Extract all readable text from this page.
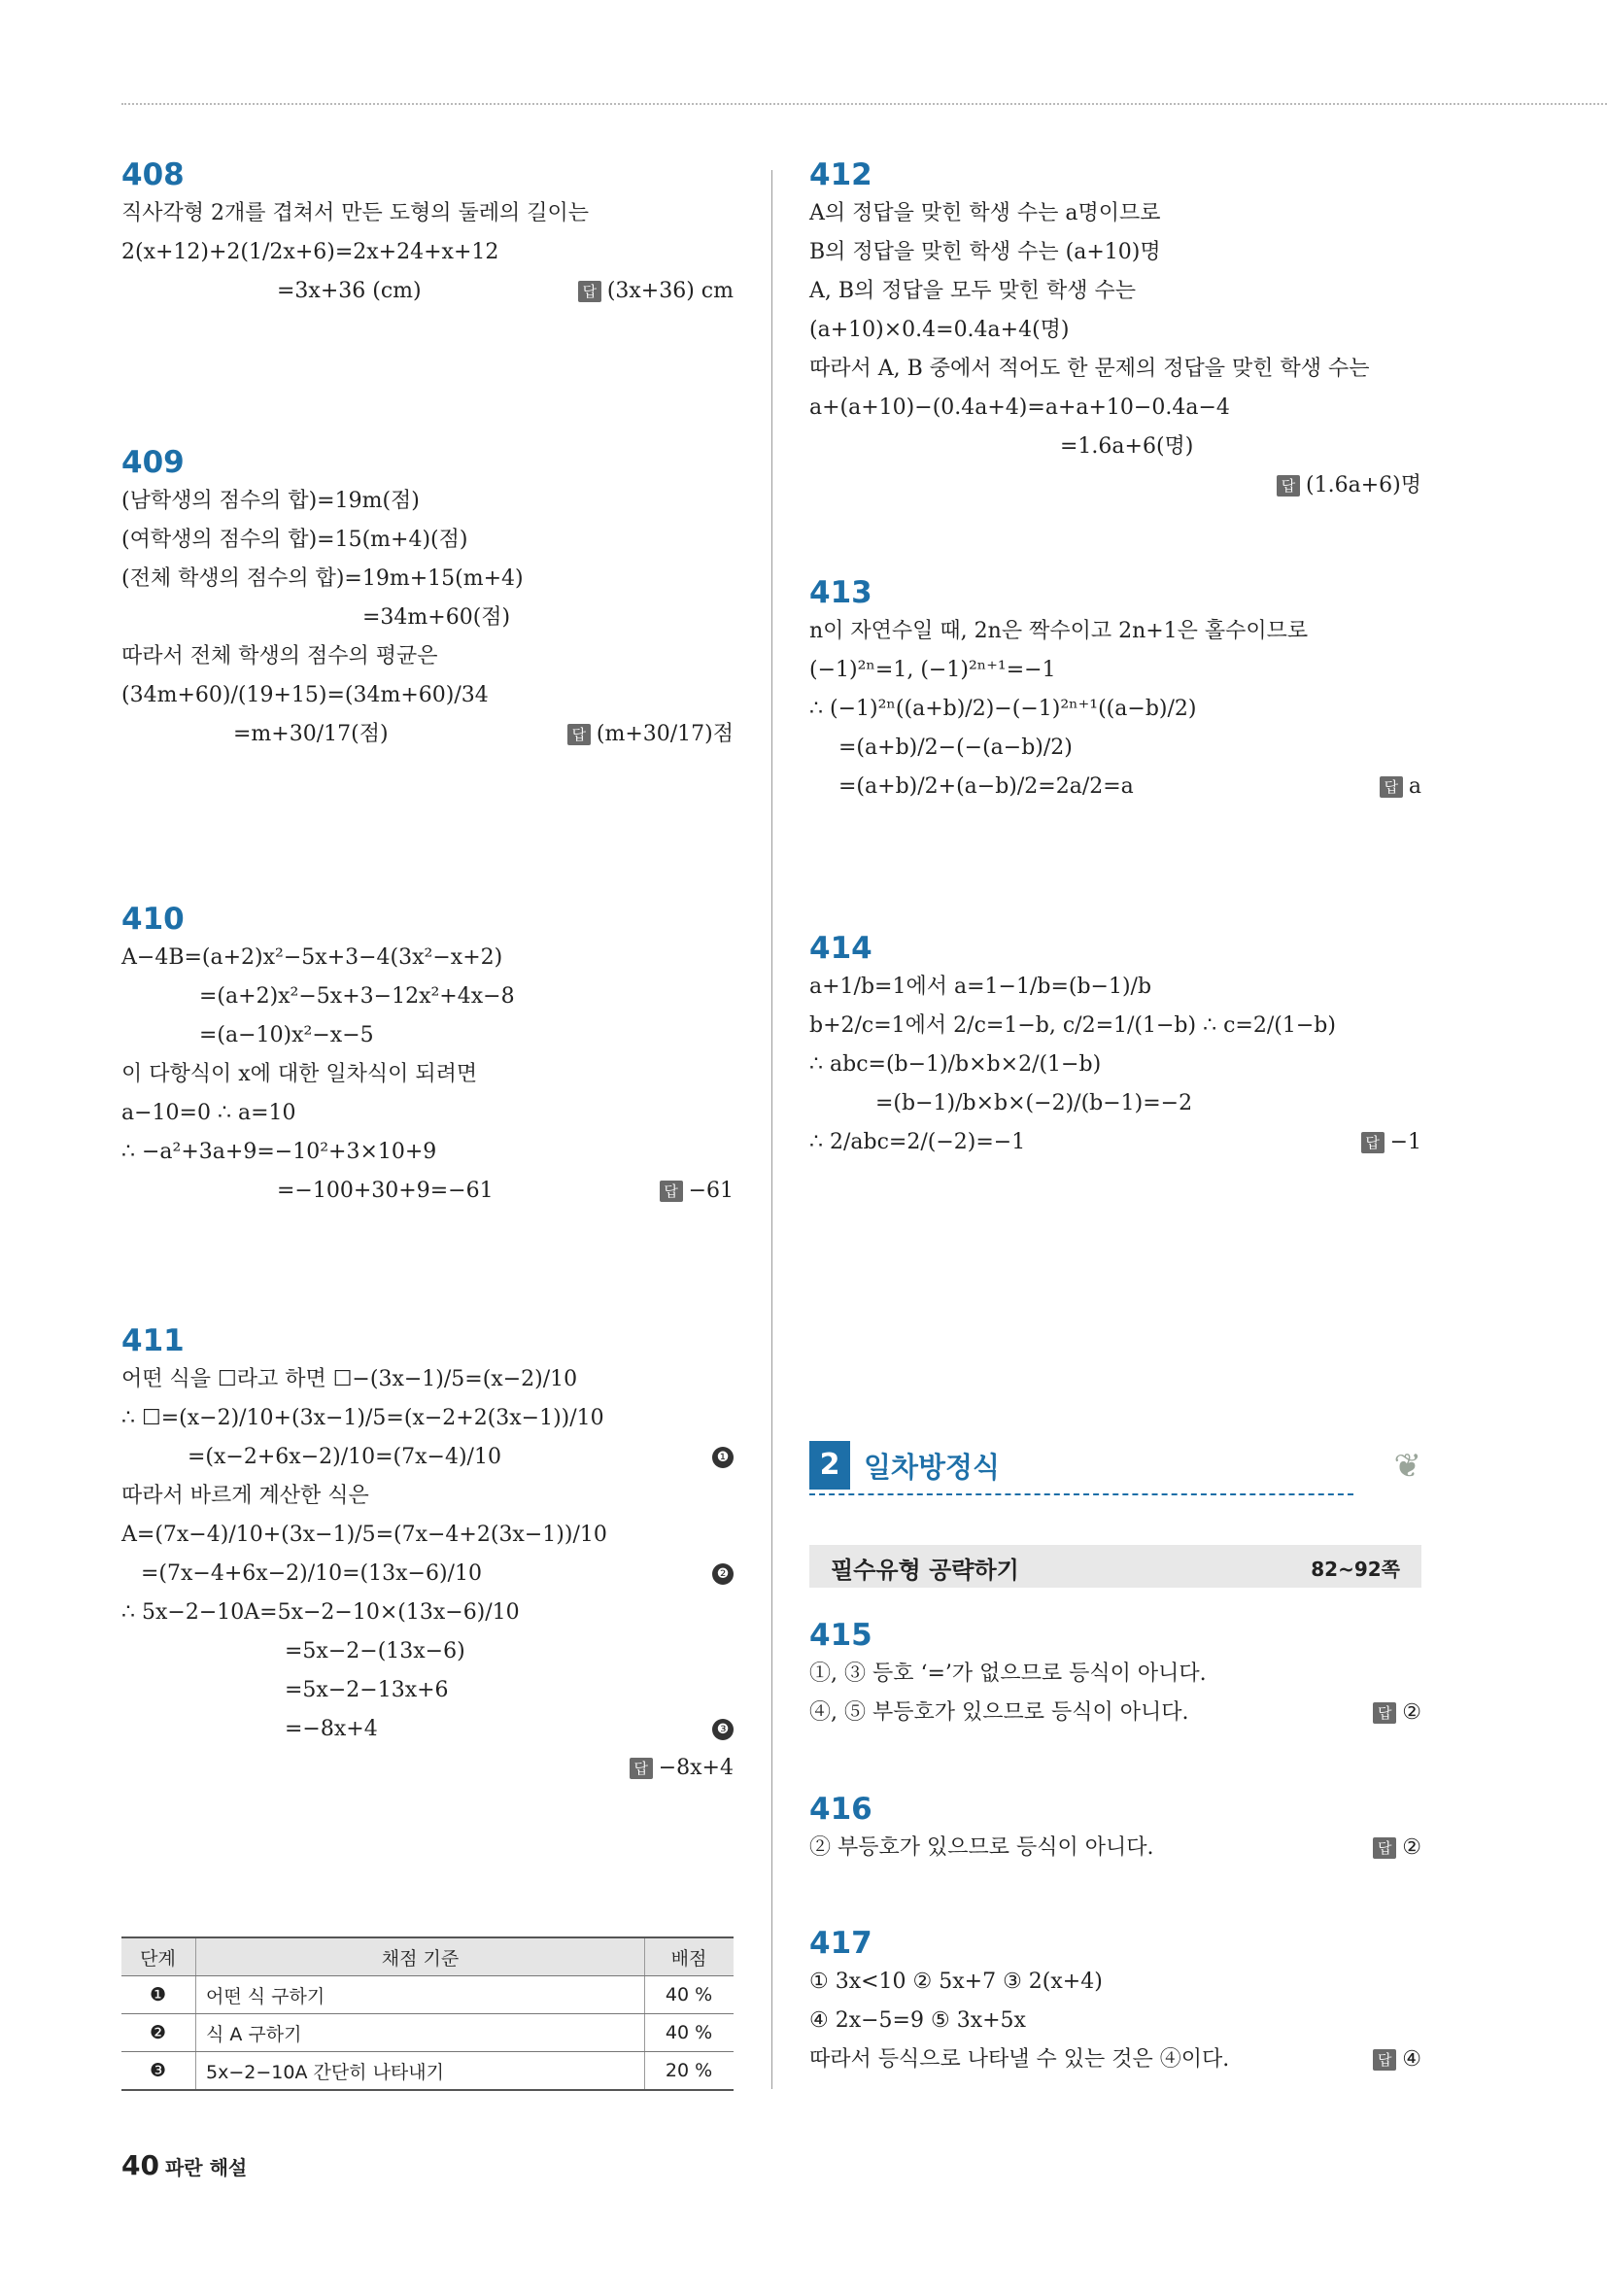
408
직사각형 2개를 겹쳐서 만든 도형의 둘레의 길이는
2(x+12)+2(1/2x+6)=2x+24+x+12
=3x+36 (cm)	답 (3x+36) cm
409
(남학생의 점수의 합)=19m(점)
(여학생의 점수의 합)=15(m+4)(점)
(전체 학생의 점수의 합)=19m+15(m+4)
=34m+60(점)
따라서 전체 학생의 점수의 평균은
(34m+60)/(19+15)=(34m+60)/34
=m+30/17(점)	답 (m+30/17)점
410
A−4B=(a+2)x²−5x+3−4(3x²−x+2)
=(a+2)x²−5x+3−12x²+4x−8
=(a−10)x²−x−5
이 다항식이 x에 대한 일차식이 되려면
a−10=0 ∴ a=10
∴ −a²+3a+9=−10²+3×10+9
=−100+30+9=−61	답 −61
411
어떤 식을 ☐라고 하면 ☐−(3x−1)/5=(x−2)/10
∴ ☐=(x−2)/10+(3x−1)/5=(x−2+2(3x−1))/10
=(x−2+6x−2)/10=(7x−4)/10	❶
따라서 바르게 계산한 식은
A=(7x−4)/10+(3x−1)/5=(7x−4+2(3x−1))/10
=(7x−4+6x−2)/10=(13x−6)/10	❷
∴ 5x−2−10A=5x−2−10×(13x−6)/10
=5x−2−(13x−6)
=5x−2−13x+6
=−8x+4	❸
답 −8x+4
단계	채점 기준	배점
❶	어떤 식 구하기	40 %
❷	식 A 구하기	40 %
❸	5x−2−10A 간단히 나타내기	20 %
412
A의 정답을 맞힌 학생 수는 a명이므로
B의 정답을 맞힌 학생 수는 (a+10)명
A, B의 정답을 모두 맞힌 학생 수는
(a+10)×0.4=0.4a+4(명)
따라서 A, B 중에서 적어도 한 문제의 정답을 맞힌 학생 수는
a+(a+10)−(0.4a+4)=a+a+10−0.4a−4
=1.6a+6(명)
답 (1.6a+6)명
413
n이 자연수일 때, 2n은 짝수이고 2n+1은 홀수이므로
(−1)²ⁿ=1, (−1)²ⁿ⁺¹=−1
∴ (−1)²ⁿ((a+b)/2)−(−1)²ⁿ⁺¹((a−b)/2)
=(a+b)/2−(−(a−b)/2)
=(a+b)/2+(a−b)/2=2a/2=a	답 a
414
a+1/b=1에서 a=1−1/b=(b−1)/b
b+2/c=1에서 2/c=1−b, c/2=1/(1−b) ∴ c=2/(1−b)
∴ abc=(b−1)/b×b×2/(1−b)
=(b−1)/b×b×(−2)/(b−1)=−2
∴ 2/abc=2/(−2)=−1	답 −1
2 일차방정식	❦
필수유형 공략하기	82~92쪽
415
①, ③ 등호 ‘=’가 없으므로 등식이 아니다.
④, ⑤ 부등호가 있으므로 등식이 아니다.	답 ②
416
② 부등호가 있으므로 등식이 아니다.	답 ②
417
① 3x<10 ② 5x+7 ③ 2(x+4)
④ 2x−5=9 ⑤ 3x+5x
따라서 등식으로 나타낼 수 있는 것은 ④이다.	답 ④
40 파란 해설
